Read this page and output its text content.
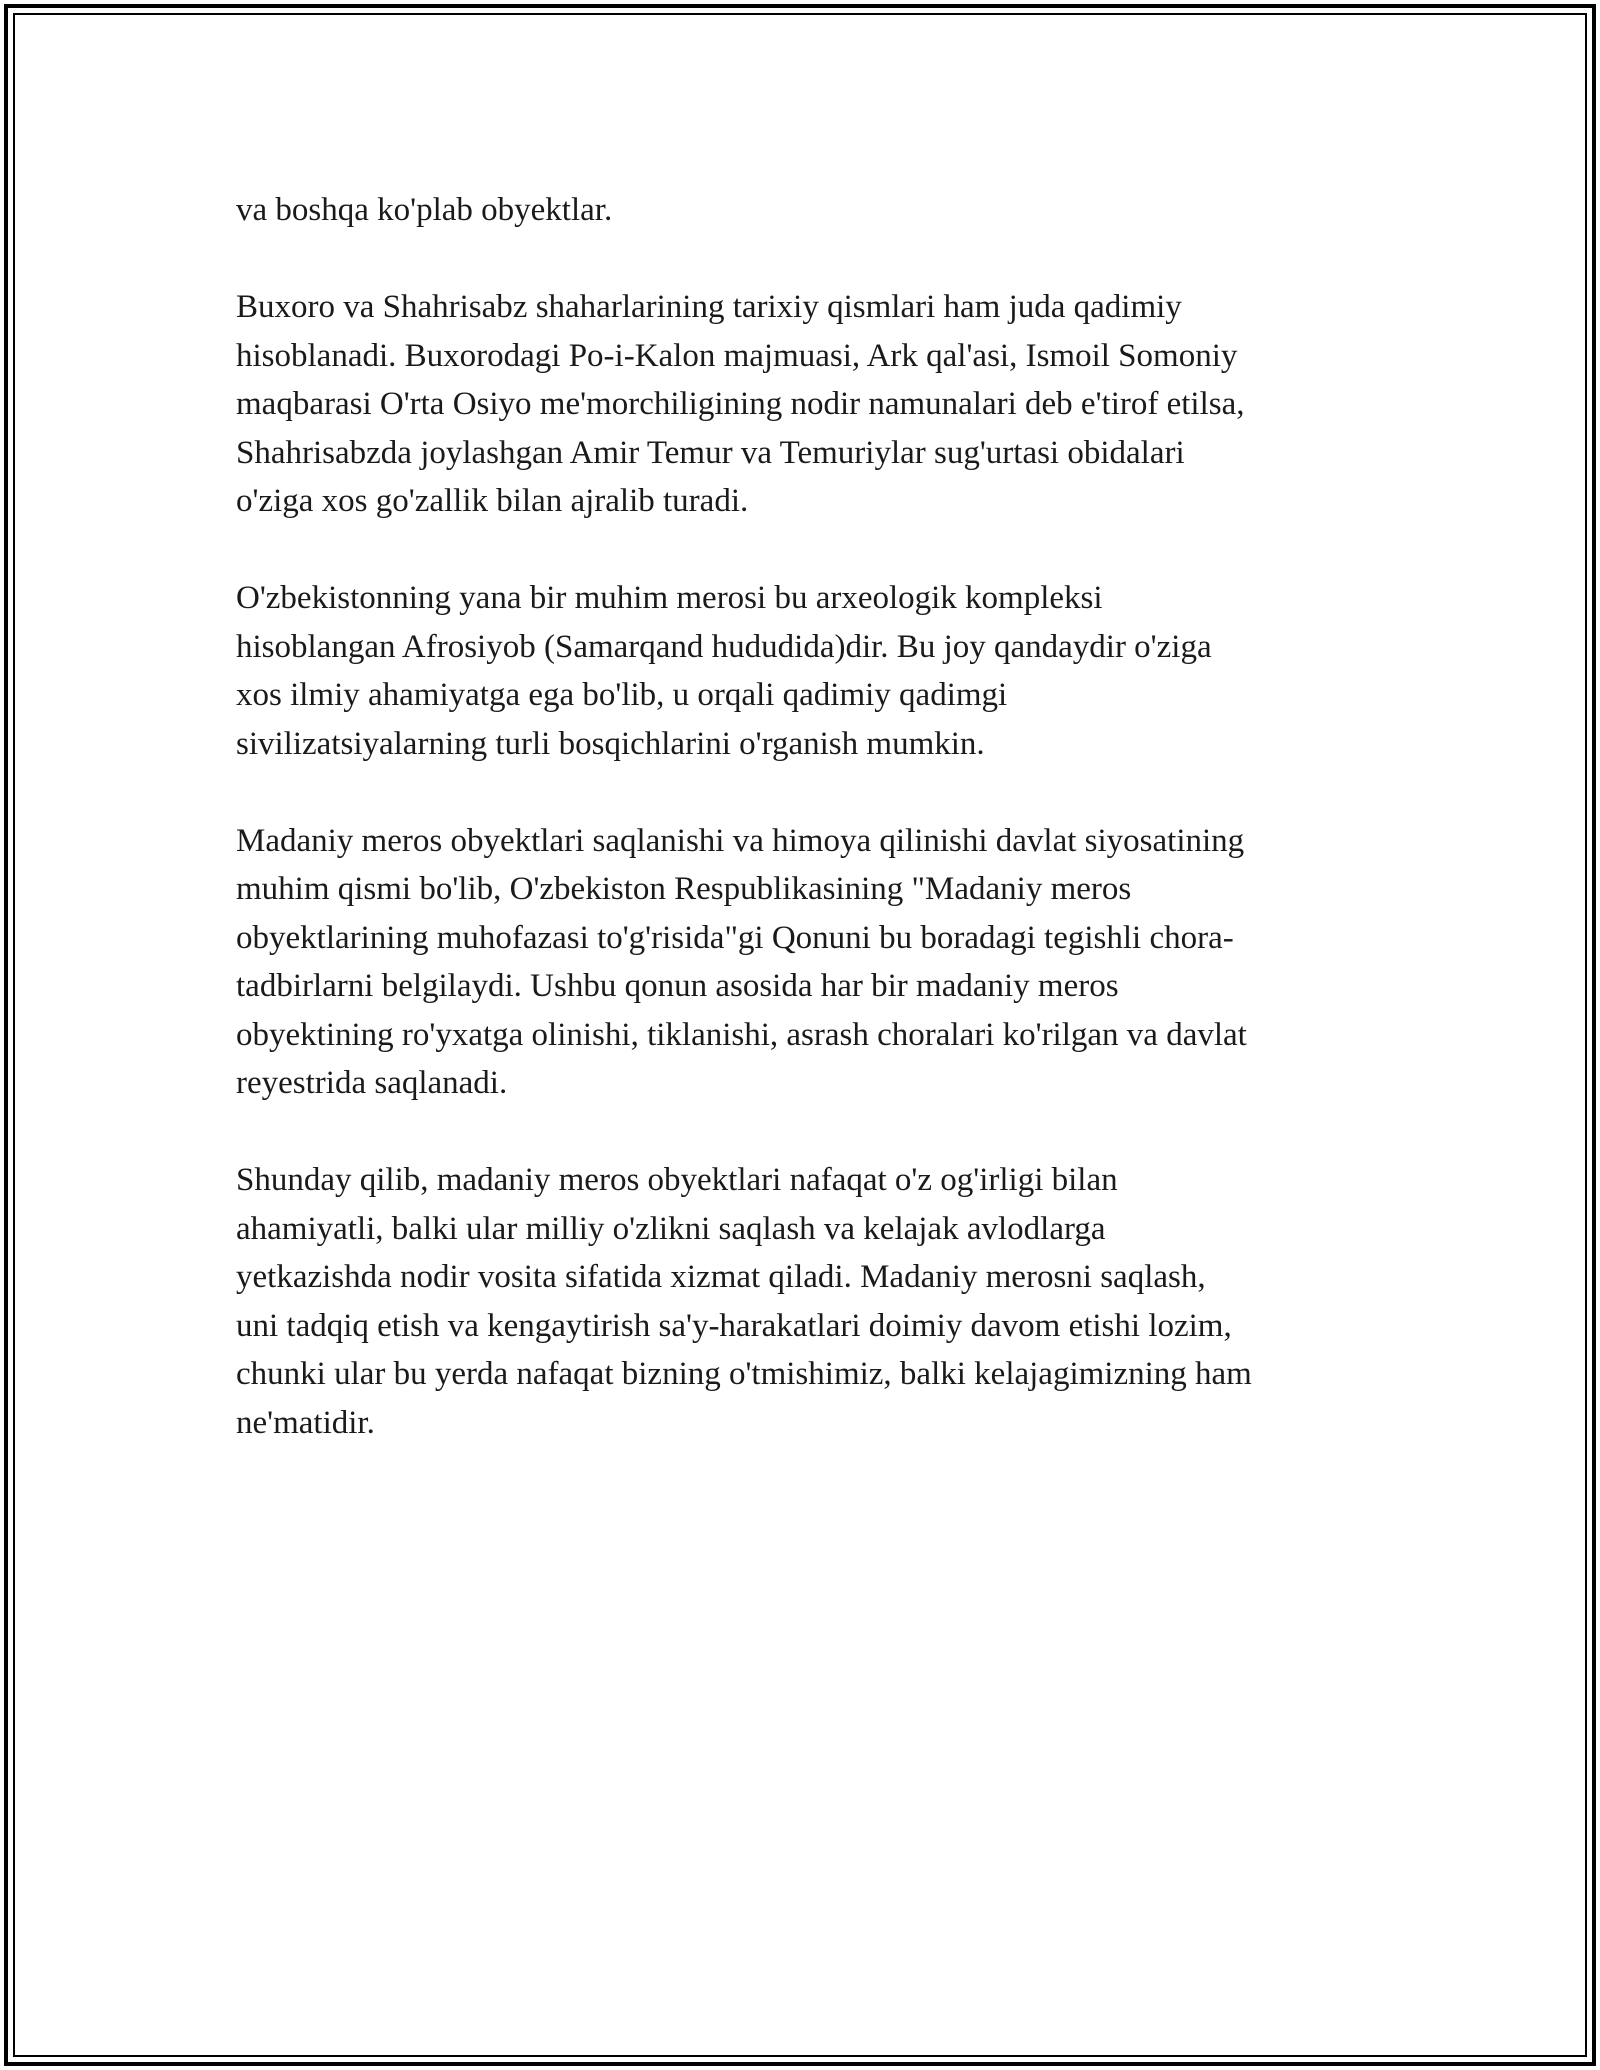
va boshqa ko'plab obyektlar.

Buxoro va Shahrisabz shaharlarining tarixiy qismlari ham juda qadimiy
hisoblanadi. Buxorodagi Po-i-Kalon majmuasi, Ark qal'asi, Ismoil Somoniy
maqbarasi O'rta Osiyo me'morchiligining nodir namunalari deb e'tirof etilsa,
Shahrisabzda joylashgan Amir Temur va Temuriylar sug'urtasi obidalari
o'ziga xos go'zallik bilan ajralib turadi.

O'zbekistonning yana bir muhim merosi bu arxeologik kompleksi
hisoblangan Afrosiyob (Samarqand hududida)dir. Bu joy qandaydir o'ziga
xos ilmiy ahamiyatga ega bo'lib, u orqali qadimiy qadimgi
sivilizatsiyalarning turli bosqichlarini o'rganish mumkin.

Madaniy meros obyektlari saqlanishi va himoya qilinishi davlat siyosatining
muhim qismi bo'lib, O'zbekiston Respublikasining "Madaniy meros
obyektlarining muhofazasi to'g'risida"gi Qonuni bu boradagi tegishli chora-
tadbirlarni belgilaydi. Ushbu qonun asosida har bir madaniy meros
obyektining ro'yxatga olinishi, tiklanishi, asrash choralari ko'rilgan va davlat
reyestrida saqlanadi.

Shunday qilib, madaniy meros obyektlari nafaqat o'z og'irligi bilan
ahamiyatli, balki ular milliy o'zlikni saqlash va kelajak avlodlarga
yetkazishda nodir vosita sifatida xizmat qiladi. Madaniy merosni saqlash,
uni tadqiq etish va kengaytirish sa'y-harakatlari doimiy davom etishi lozim,
chunki ular bu yerda nafaqat bizning o'tmishimiz, balki kelajagimizning ham
ne'matidir.
